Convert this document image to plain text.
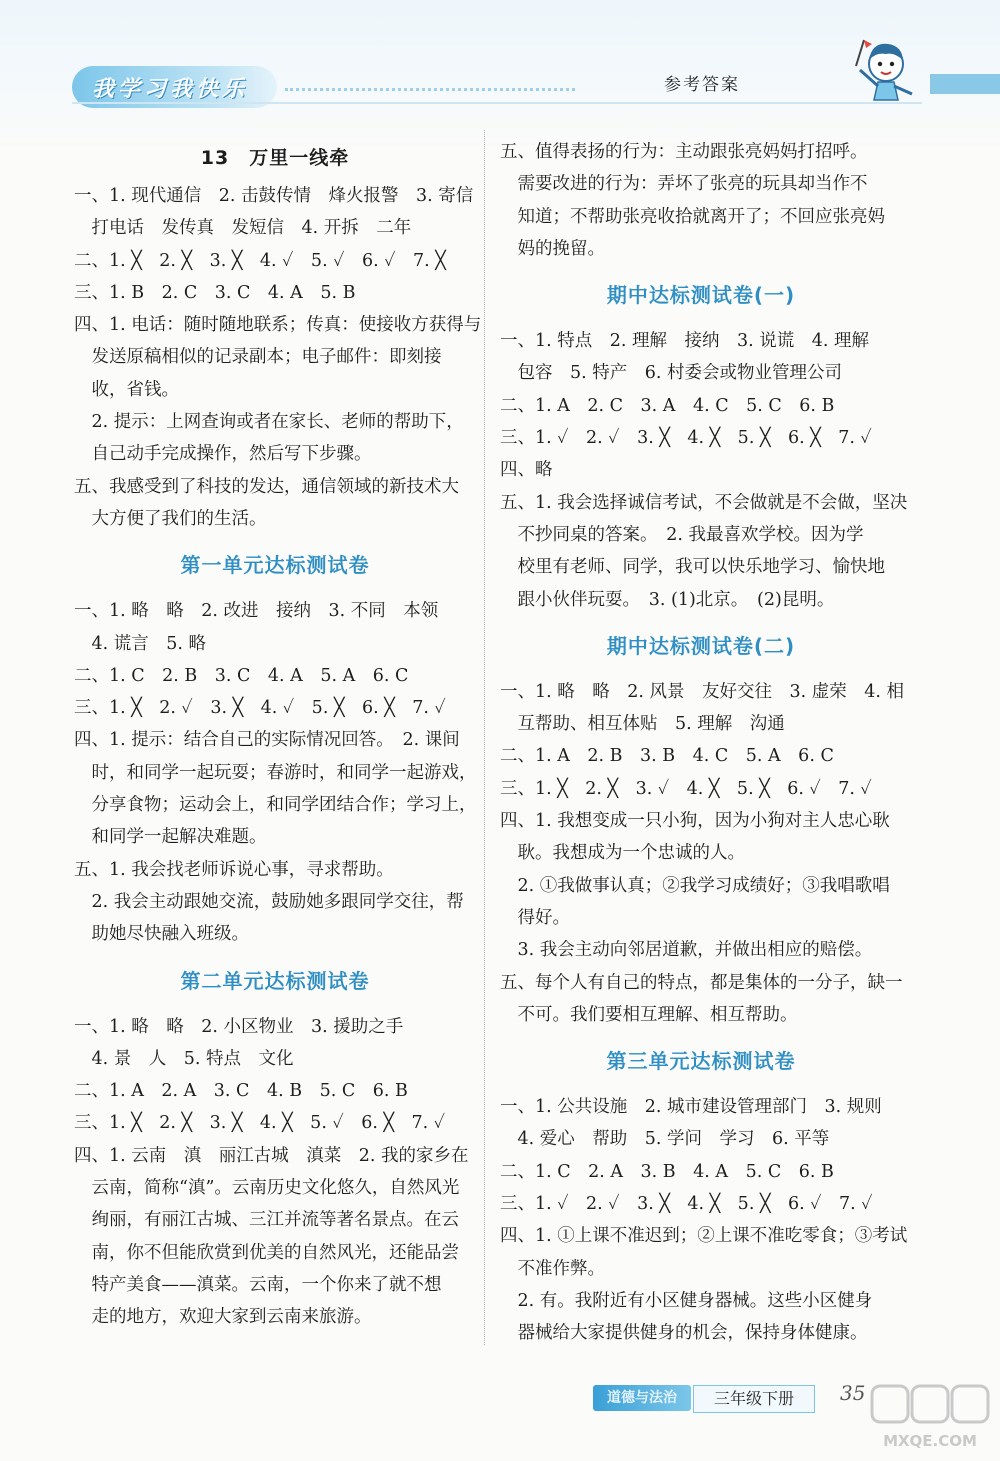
我学习我快乐	参考答案
13　万里一线牵
一、1. 现代通信　2. 击鼓传情　烽火报警　3. 寄信
　打电话　发传真　发短信　4. 开拆　二年
二、1. ╳　2. ╳　3. ╳　4. ✓　5. ✓　6. ✓　7. ╳
三、1. B　2. C　3. C　4. A　5. B
四、1. 电话：随时随地联系；传真：使接收方获得与
　发送原稿相似的记录副本；电子邮件：即刻接
　收，省钱。
　2. 提示：上网查询或者在家长、老师的帮助下，
　自己动手完成操作，然后写下步骤。
五、我感受到了科技的发达，通信领域的新技术大
　大方便了我们的生活。
第一单元达标测试卷
一、1. 略　略　2. 改进　接纳　3. 不同　本领
　4. 谎言　5. 略
二、1. C　2. B　3. C　4. A　5. A　6. C
三、1. ╳　2. ✓　3. ╳　4. ✓　5. ╳　6. ╳　7. ✓
四、1. 提示：结合自己的实际情况回答。　2. 课间
　时，和同学一起玩耍；春游时，和同学一起游戏，
　分享食物；运动会上，和同学团结合作；学习上，
　和同学一起解决难题。
五、1. 我会找老师诉说心事，寻求帮助。
　2. 我会主动跟她交流，鼓励她多跟同学交往，帮
　助她尽快融入班级。
第二单元达标测试卷
一、1. 略　略　2. 小区物业　3. 援助之手
　4. 景　人　5. 特点　文化
二、1. A　2. A　3. C　4. B　5. C　6. B
三、1. ╳　2. ╳　3. ╳　4. ╳　5. ✓　6. ╳　7. ✓
四、1. 云南　滇　丽江古城　滇菜　2. 我的家乡在
　云南，简称“滇”。云南历史文化悠久，自然风光
　绚丽，有丽江古城、三江并流等著名景点。在云
　南，你不但能欣赏到优美的自然风光，还能品尝
　特产美食——滇菜。云南，一个你来了就不想
　走的地方，欢迎大家到云南来旅游。
五、值得表扬的行为：主动跟张亮妈妈打招呼。
　需要改进的行为：弄坏了张亮的玩具却当作不
　知道；不帮助张亮收拾就离开了；不回应张亮妈
　妈的挽留。
期中达标测试卷(一)
一、1. 特点　2. 理解　接纳　3. 说谎　4. 理解
　包容　5. 特产　6. 村委会或物业管理公司
二、1. A　2. C　3. A　4. C　5. C　6. B
三、1. ✓　2. ✓　3. ╳　4. ╳　5. ╳　6. ╳　7. ✓
四、略
五、1. 我会选择诚信考试，不会做就是不会做，坚决
　不抄同桌的答案。　2. 我最喜欢学校。因为学
　校里有老师、同学，我可以快乐地学习、愉快地
　跟小伙伴玩耍。　3. (1)北京。　(2)昆明。
期中达标测试卷(二)
一、1. 略　略　2. 风景　友好交往　3. 虚荣　4. 相
　互帮助、相互体贴　5. 理解　沟通
二、1. A　2. B　3. B　4. C　5. A　6. C
三、1. ╳　2. ╳　3. ✓　4. ╳　5. ╳　6. ✓　7. ✓
四、1. 我想变成一只小狗，因为小狗对主人忠心耿
　耿。我想成为一个忠诚的人。
　2. ①我做事认真；②我学习成绩好；③我唱歌唱
　得好。
　3. 我会主动向邻居道歉，并做出相应的赔偿。
五、每个人有自己的特点，都是集体的一分子，缺一
　不可。我们要相互理解、相互帮助。
第三单元达标测试卷
一、1. 公共设施　2. 城市建设管理部门　3. 规则
　4. 爱心　帮助　5. 学问　学习　6. 平等
二、1. C　2. A　3. B　4. A　5. C　6. B
三、1. ✓　2. ✓　3. ╳　4. ╳　5. ╳　6. ✓　7. ✓
四、1. ①上课不准迟到；②上课不准吃零食；③考试
　不准作弊。
　2. 有。我附近有小区健身器械。这些小区健身
　器械给大家提供健身的机会，保持身体健康。
道德与法治	三年级下册	35
MXQE.COM
